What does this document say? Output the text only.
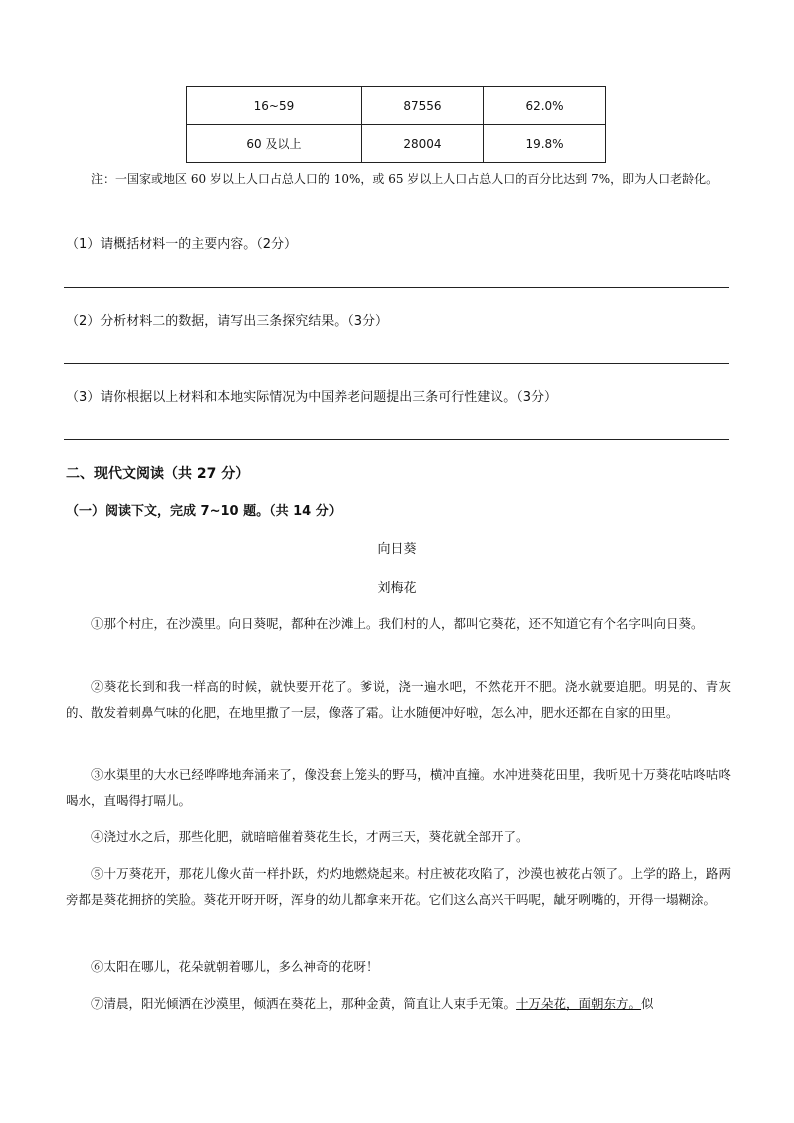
16~59	87556	62.0%
60 及以上	28004	19.8%

注：一国家或地区 60 岁以上人口占总人口的 10%，或 65 岁以上人口占总人口的百分比达到 7%，即为人口老龄化。

（1）请概括材料一的主要内容。（2分）
（2）分析材料二的数据，请写出三条探究结果。（3分）
（3）请你根据以上材料和本地实际情况为中国养老问题提出三条可行性建议。（3分）
二、现代文阅读（共 27 分）
（一）阅读下文，完成 7~10 题。（共 14 分）
向日葵
刘梅花

①那个村庄，在沙漠里。向日葵呢，都种在沙滩上。我们村的人，都叫它葵花，还不知道它有个名字叫向日葵。

②葵花长到和我一样高的时候，就快要开花了。爹说，浇一遍水吧，不然花开不肥。浇水就要追肥。明晃的、青灰的、散发着刺鼻气味的化肥，在地里撒了一层，像落了霜。让水随便冲好啦，怎么冲，肥水还都在自家的田里。

③水渠里的大水已经哗哗地奔涌来了，像没套上笼头的野马，横冲直撞。水冲进葵花田里，我听见十万葵花咕咚咕咚喝水，直喝得打嗝儿。

④浇过水之后，那些化肥，就暗暗催着葵花生长，才两三天，葵花就全部开了。

⑤十万葵花开，那花儿像火苗一样扑跃，灼灼地燃烧起来。村庄被花攻陷了，沙漠也被花占领了。上学的路上，路两旁都是葵花拥挤的笑脸。葵花开呀开呀，浑身的幼儿都拿来开花。它们这么高兴干吗呢，龇牙咧嘴的，开得一塌糊涂。

⑥太阳在哪儿，花朵就朝着哪儿，多么神奇的花呀！

⑦清晨，阳光倾洒在沙漠里，倾洒在葵花上，那种金黄，简直让人束手无策。十万朵花，面朝东方。似
